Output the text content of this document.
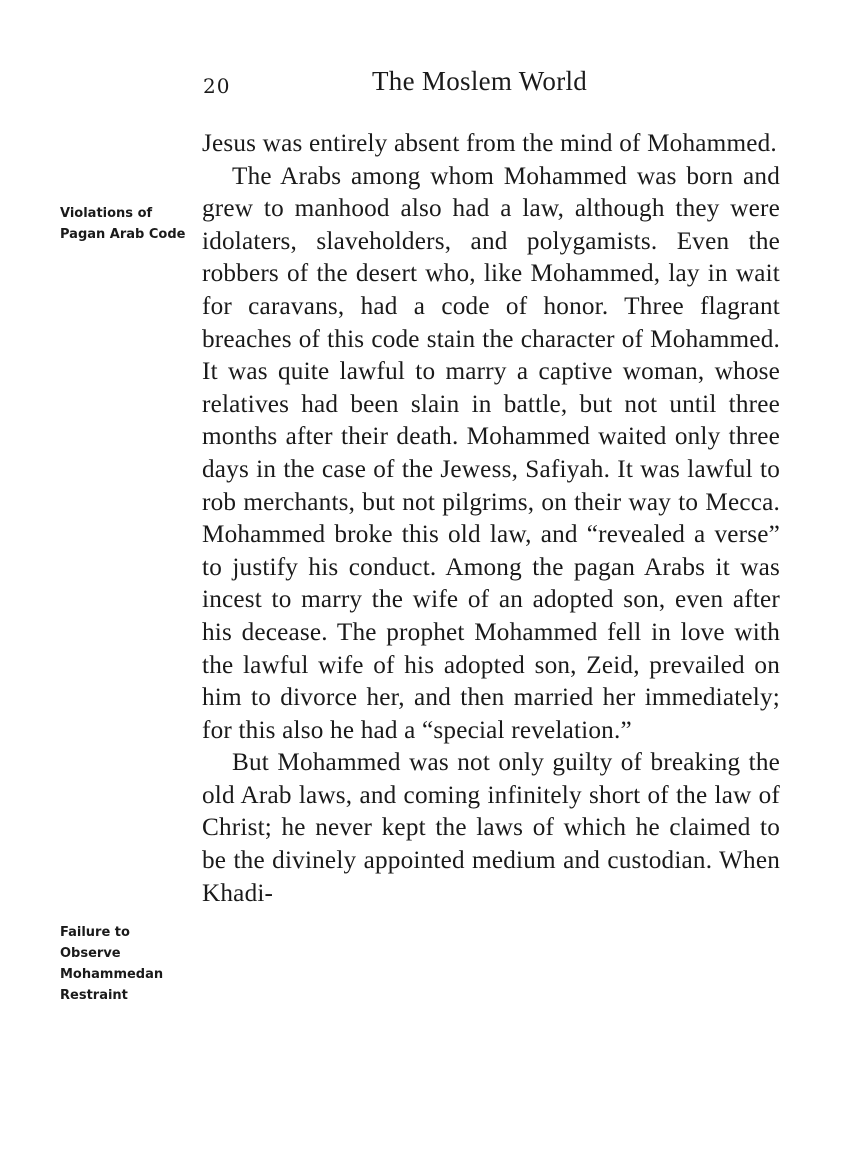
20	The Moslem World
Violations of Pagan Arab Code
Failure to Observe Mohammedan Restraint

Jesus was entirely absent from the mind of Mohammed.

The Arabs among whom Mohammed was born and grew to manhood also had a law, although they were idolaters, slaveholders, and polygamists. Even the robbers of the desert who, like Mohammed, lay in wait for caravans, had a code of honor. Three flagrant breaches of this code stain the character of Mohammed. It was quite lawful to marry a captive woman, whose relatives had been slain in battle, but not until three months after their death. Mohammed waited only three days in the case of the Jewess, Safiyah. It was lawful to rob merchants, but not pilgrims, on their way to Mecca. Mohammed broke this old law, and “revealed a verse” to justify his conduct. Among the pagan Arabs it was incest to marry the wife of an adopted son, even after his decease. The prophet Mohammed fell in love with the lawful wife of his adopted son, Zeid, prevailed on him to divorce her, and then married her immediately; for this also he had a “special revelation.”

But Mohammed was not only guilty of breaking the old Arab laws, and coming infinitely short of the law of Christ; he never kept the laws of which he claimed to be the divinely appointed medium and custodian. When Khadi-
